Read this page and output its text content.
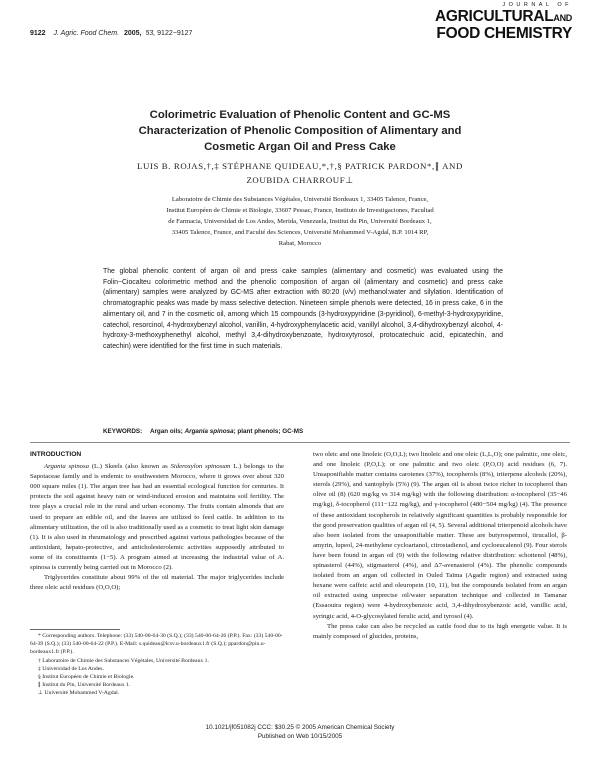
9122 J. Agric. Food Chem. 2005, 53, 9122−9127
JOURNAL OF
AGRICULTURALAND
FOOD CHEMISTRY
Colorimetric Evaluation of Phenolic Content and GC-MS
Characterization of Phenolic Composition of Alimentary and
Cosmetic Argan Oil and Press Cake
LUIS B. ROJAS,†,‡ STÉPHANE QUIDEAU,*,†,§ PATRICK PARDON*,∥ AND
ZOUBIDA CHARROUF⊥
Laboratoire de Chimie des Substances Végétales, Université Bordeaux 1, 33405 Talence, France,
Institut Européen de Chimie et Biologie, 33607 Pessac, France, Instituto de Investigaciones, Facultad
de Farmacia, Universidad de Los Andes, Merida, Venezuela, Institut du Pin, Université Bordeaux 1,
33405 Talence, France, and Faculté des Sciences, Université Mohammed V-Agdal, B.P. 1014 RP,
Rabat, Morocco
The global phenolic content of argan oil and press cake samples (alimentary and cosmetic) was evaluated using the Folin−Ciocalteu colorimetric method and the phenolic composition of argan oil (alimentary and cosmetic) and press cake (alimentary) samples were analyzed by GC-MS after extraction with 80:20 (v/v) methanol:water and silylation. Identification of chromatographic peaks was made by mass selective detection. Nineteen simple phenols were detected, 16 in press cake, 6 in the alimentary oil, and 7 in the cosmetic oil, among which 15 compounds (3-hydroxypyridine (3-pyridinol), 6-methyl-3-hydroxypyridine, catechol, resorcinol, 4-hydroxybenzyl alcohol, vanillin, 4-hydroxyphenylacetic acid, vanillyl alcohol, 3,4-dihydroxybenzyl alcohol, 4-hydroxy-3-methoxyphenethyl alcohol, methyl 3,4-dihydroxybenzoate, hydroxytyrosol, protocatechuic acid, epicatechin, and catechin) were identified for the first time in such materials.
KEYWORDS: Argan oils; Argania spinosa; plant phenols; GC-MS
INTRODUCTION

Argania spinosa (L.) Skeels (also known as Sideroxylon spinosum L.) belongs to the Sapotaceae family and is endemic to southwestern Morocco, where it grows over about 320 000 square miles (1). The argan tree has had an essential ecological function for centuries. It protects the soil against heavy rain or wind-induced erosion and maintains soil fertility. The tree plays a crucial role in the rural and urban economy. The fruits contain almonds that are used to prepare an edible oil, and the leaves are utilized to feed cattle. In addition to its alimentary utilization, the oil is also traditionally used as a cosmetic to treat light skin damage (1). It is also used in rheumatology and prescribed against various pathologies because of the antioxidant, hepato-protective, and anticholesterolemic activities supposedly attributed to some of its constituents (1−5). A program aimed at increasing the industrial value of A. spinosa is currently being carried out in Morocco (2).

Triglycerides constitute about 99% of the oil material. The major triglycerides include three oleic acid residues (O,O,O);

* Corresponding authors. Telephone: (33) 540-00-64-30 (S.Q.); (33) 540-00-64-26 (P.P.). Fax: (33) 540-00-64-39 (S.Q.); (33) 540-00-64-22 (P.P.). E-Mail: s.quideau@lcsv.u-bordeaux1.fr (S.Q.); ppardon@pin.u-bordeaux1.fr (P.P.).
† Laboratoire de Chimie des Substances Végétales, Université Bordeaux 1.
‡ Universidad de Los Andes.
§ Institut Européen de Chimie et Biologie.
∥ Institut du Pin, Université Bordeaux 1.
⊥ Université Mohammed V-Agdal.

two oleic and one linoleic (O,O,L); two linoleic and one oleic (L,L,O); one palmitic, one oleic, and one linoleic (P,O,L); or one palmitic and two oleic (P,O,O) acid residues (6, 7). Unsaponifiable matter contains carotenes (37%), tocopherols (8%), triterpene alcohols (20%), sterols (29%), and xantophyls (5%) (9). The argan oil is about twice richer in tocopherol than olive oil (8) (620 mg/kg vs 314 mg/kg) with the following distribution: α-tocopherol (35−46 mg/kg), δ-tocopherol (111−122 mg/kg), and γ-tocopherol (480−504 mg/kg) (4). The presence of these antioxidant tocopherols in relatively significant quantities is probably responsible for the good preservation qualities of argan oil (4, 5). Several additional triterpenoid alcohols have also been isolated from the unsaponifiable matter. These are butyrospermol, tirucallol, β-amyrin, lupeol, 24-methylene cycloartanol, citrostadienol, and cycloeucalenol (9). Four sterols have been found in argan oil (9) with the following relative distribution: schottenol (48%), spinasterol (44%), stigmasterol (4%), and Δ7-avenasterol (4%). The phenolic compounds isolated from an argan oil collected in Ouled Taïma (Agadir region) and extracted using hexane were caffeic acid and oleuropein (10, 11), but the compounds isolated from an argan oil extracted using unprecise oil/water separation technique and collected in Tamanar (Essaouira region) were 4-hydroxybenzoic acid, 3,4-dihydroxybenzoic acid, vanillic acid, syringic acid, 4-O-glycosylated ferulic acid, and tyrosol (4).

The press cake can also be recycled as cattle food due to its high energetic value. It is mainly composed of glucides, proteins,

10.1021/jf051082j CCC: $30.25 © 2005 American Chemical Society
Published on Web 10/15/2005
